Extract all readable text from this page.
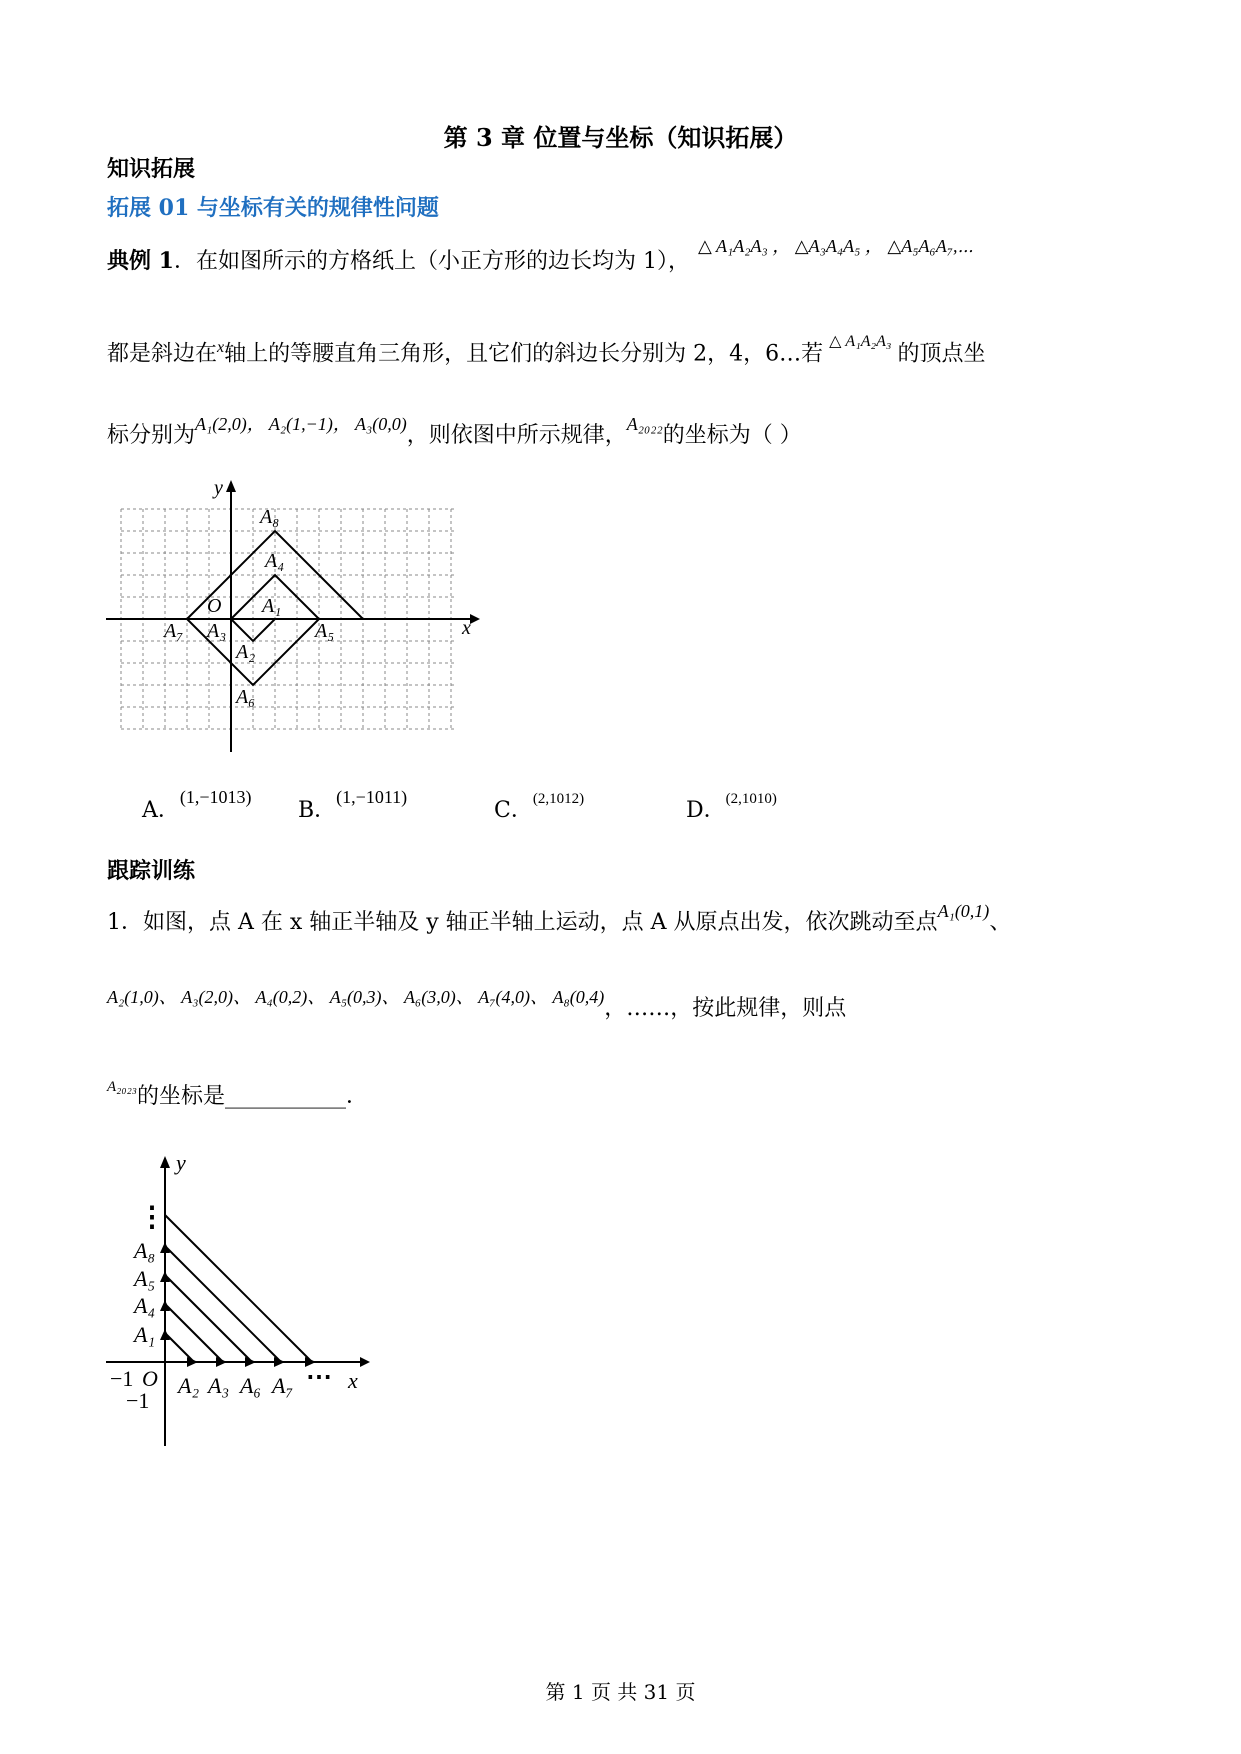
第 3 章 位置与坐标（知识拓展）
知识拓展
拓展 01 与坐标有关的规律性问题
典例 1．在如图所示的方格纸上（小正方形的边长均为 1），
△ A₁A₂A₃ ， △A₃A₄A₅ ， △A₅A₆A₇,⋯
都是斜边在$^x$轴上的等腰直角三角形，且它们的斜边长分别为 2，4，6…若 $^{\triangle A_1A_2A_3}$ 的顶点坐
标分别为$^{A_1(2,0), A_2(1,-1), A_3(0,0)}$，则依图中所示规律，$^{A_{2022}}$的坐标为（ ）
y
x
O A₁
A₂
A₃
A₄
A₅
A₆
A₇
A₈
A．$^{(1,-1013)}$
B．$^{(1,-1011)}$
C．$^{(2,1012)}$	D．$^{(2,1010)}$
跟踪训练
1．如图，点 A 在 x 轴正半轴及 y 轴正半轴上运动，点 A 从原点出发，依次跳动至点$^{A_1(0,1)}$、
$^{A_2(1,0)、 A_3(2,0)、 A_4(0,2)、 A_5(0,3)、 A_6(3,0)、 A_7(4,0)、 A_8(0,4)}$，……，按此规律，则点
$^{A_{2023}}$的坐标是___________．
y
x
O
A₈
A₅
A₄
A₁
A₂ A₃ A₆ A₇
−1
−1
⋮
⋯
第 1 页 共 31 页
